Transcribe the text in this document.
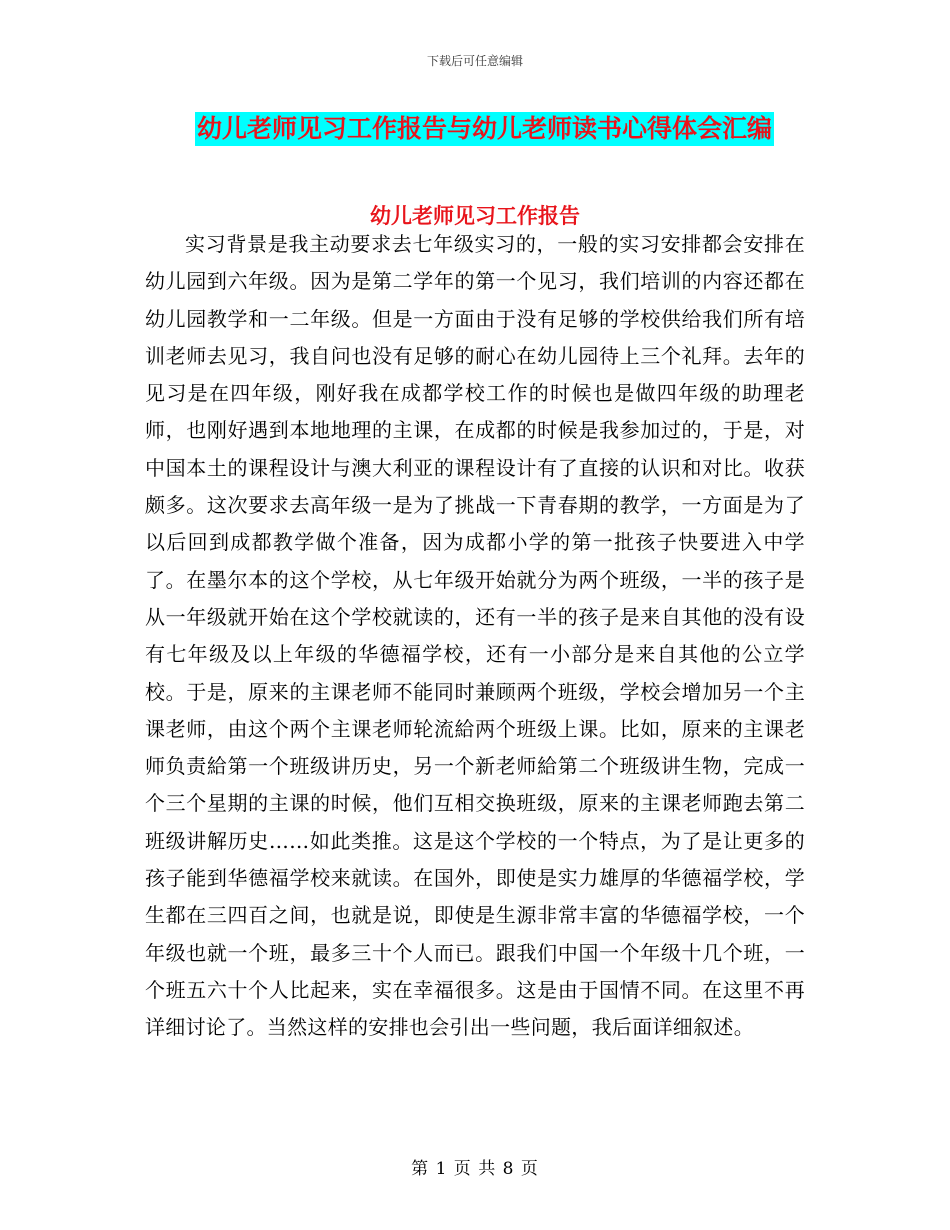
下载后可任意编辑
幼儿老师见习工作报告与幼儿老师读书心得体会汇编
幼儿老师见习工作报告

实习背景是我主动要求去七年级实习的，一般的实习安排都会安排在幼儿园到六年级。因为是第二学年的第一个见习，我们培训的内容还都在幼儿园教学和一二年级。但是一方面由于没有足够的学校供给我们所有培训老师去见习，我自问也没有足够的耐心在幼儿园待上三个礼拜。去年的见习是在四年级，刚好我在成都学校工作的时候也是做四年级的助理老师，也刚好遇到本地地理的主课，在成都的时候是我参加过的，于是，对中国本土的课程设计与澳大利亚的课程设计有了直接的认识和对比。收获颇多。这次要求去高年级一是为了挑战一下青春期的教学，一方面是为了以后回到成都教学做个准备，因为成都小学的第一批孩子快要进入中学了。在墨尔本的这个学校，从七年级开始就分为两个班级，一半的孩子是从一年级就开始在这个学校就读的，还有一半的孩子是来自其他的没有设有七年级及以上年级的华德福学校，还有一小部分是来自其他的公立学校。于是，原来的主课老师不能同时兼顾两个班级，学校会增加另一个主课老师，由这个两个主课老师轮流給两个班级上课。比如，原来的主课老师负责給第一个班级讲历史，另一个新老师給第二个班级讲生物，完成一个三个星期的主课的时候，他们互相交换班级，原来的主课老师跑去第二班级讲解历史……如此类推。这是这个学校的一个特点，为了是让更多的孩子能到华德福学校来就读。在国外，即使是实力雄厚的华德福学校，学生都在三四百之间，也就是说，即使是生源非常丰富的华德福学校，一个年级也就一个班，最多三十个人而已。跟我们中国一个年级十几个班，一个班五六十个人比起来，实在幸福很多。这是由于国情不同。在这里不再详细讨论了。当然这样的安排也会引出一些问题，我后面详细叙述。

第 1 页 共 8 页
